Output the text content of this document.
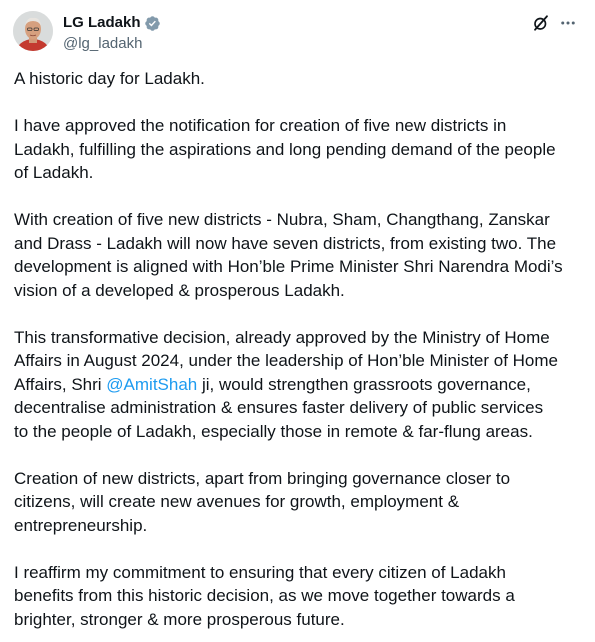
LG Ladakh
@lg_ladakh

A historic day for Ladakh.

I have approved the notification for creation of five new districts in
Ladakh, fulfilling the aspirations and long pending demand of the people
of Ladakh.

With creation of five new districts - Nubra, Sham, Changthang, Zanskar
and Drass - Ladakh will now have seven districts, from existing two. The
development is aligned with Hon’ble Prime Minister Shri Narendra Modi’s
vision of a developed & prosperous Ladakh.

This transformative decision, already approved by the Ministry of Home
Affairs in August 2024, under the leadership of Hon’ble Minister of Home
Affairs, Shri @AmitShah ji, would strengthen grassroots governance,
decentralise administration & ensures faster delivery of public services
to the people of Ladakh, especially those in remote & far-flung areas.

Creation of new districts, apart from bringing governance closer to
citizens, will create new avenues for growth, employment &
entrepreneurship.

I reaffirm my commitment to ensuring that every citizen of Ladakh
benefits from this historic decision, as we move together towards a
brighter, stronger & more prosperous future.
